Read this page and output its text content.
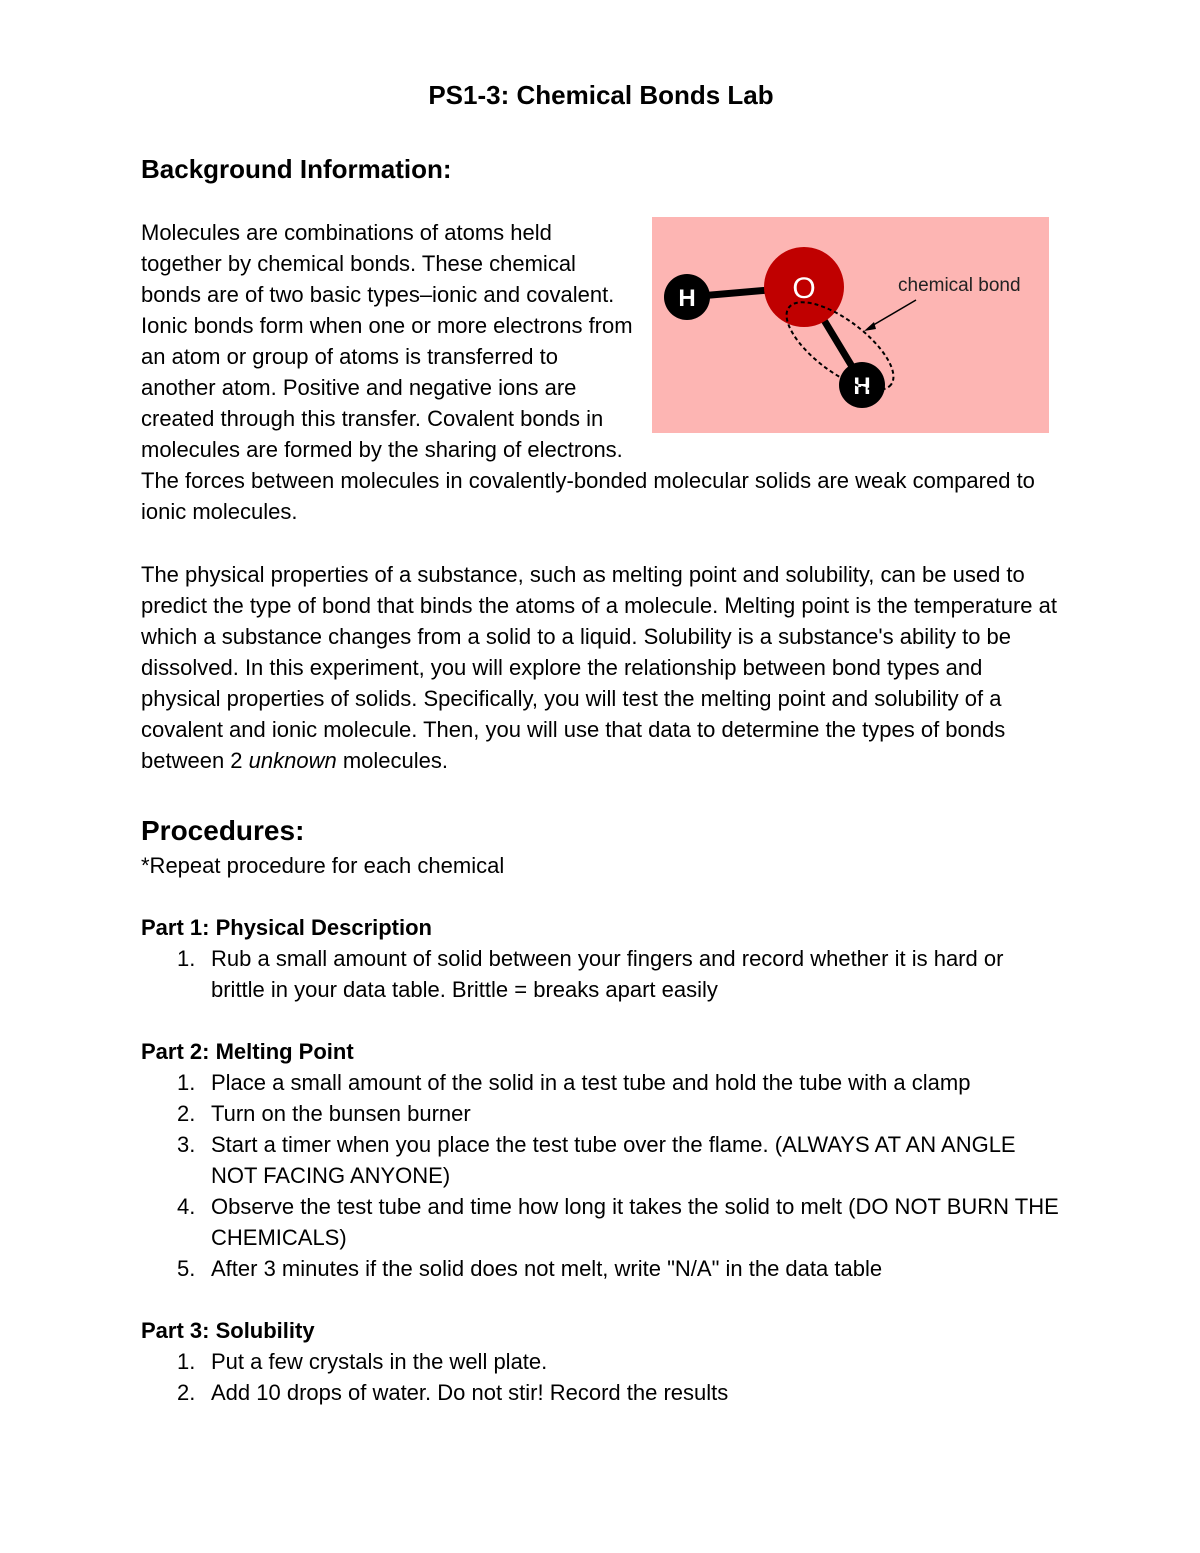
PS1-3: Chemical Bonds Lab
Background Information:
H	O
H
chemical bond
Molecules are combinations of atoms held together by chemical bonds. These chemical bonds are of two basic types–ionic and covalent. Ionic bonds form when one or more electrons from an atom or group of atoms is transferred to another atom. Positive and negative ions are created through this transfer. Covalent bonds in molecules are formed by the sharing of electrons. The forces between molecules in covalently-bonded molecular solids are weak compared to ionic molecules.

The physical properties of a substance, such as melting point and solubility, can be used to predict the type of bond that binds the atoms of a molecule. Melting point is the temperature at which a substance changes from a solid to a liquid. Solubility is a substance's ability to be dissolved. In this experiment, you will explore the relationship between bond types and physical properties of solids. Specifically, you will test the melting point and solubility of a covalent and ionic molecule. Then, you will use that data to determine the types of bonds between 2 unknown molecules.

Procedures:

*Repeat procedure for each chemical

Part 1: Physical Description
1. Rub a small amount of solid between your fingers and record whether it is hard or brittle in your data table. Brittle = breaks apart easily
Part 2: Melting Point
1. Place a small amount of the solid in a test tube and hold the tube with a clamp
2. Turn on the bunsen burner
3. Start a timer when you place the test tube over the flame. (ALWAYS AT AN ANGLE NOT FACING ANYONE)
4. Observe the test tube and time how long it takes the solid to melt (DO NOT BURN THE CHEMICALS)
5. After 3 minutes if the solid does not melt, write "N/A" in the data table
Part 3: Solubility
1. Put a few crystals in the well plate.
2. Add 10 drops of water. Do not stir! Record the results
